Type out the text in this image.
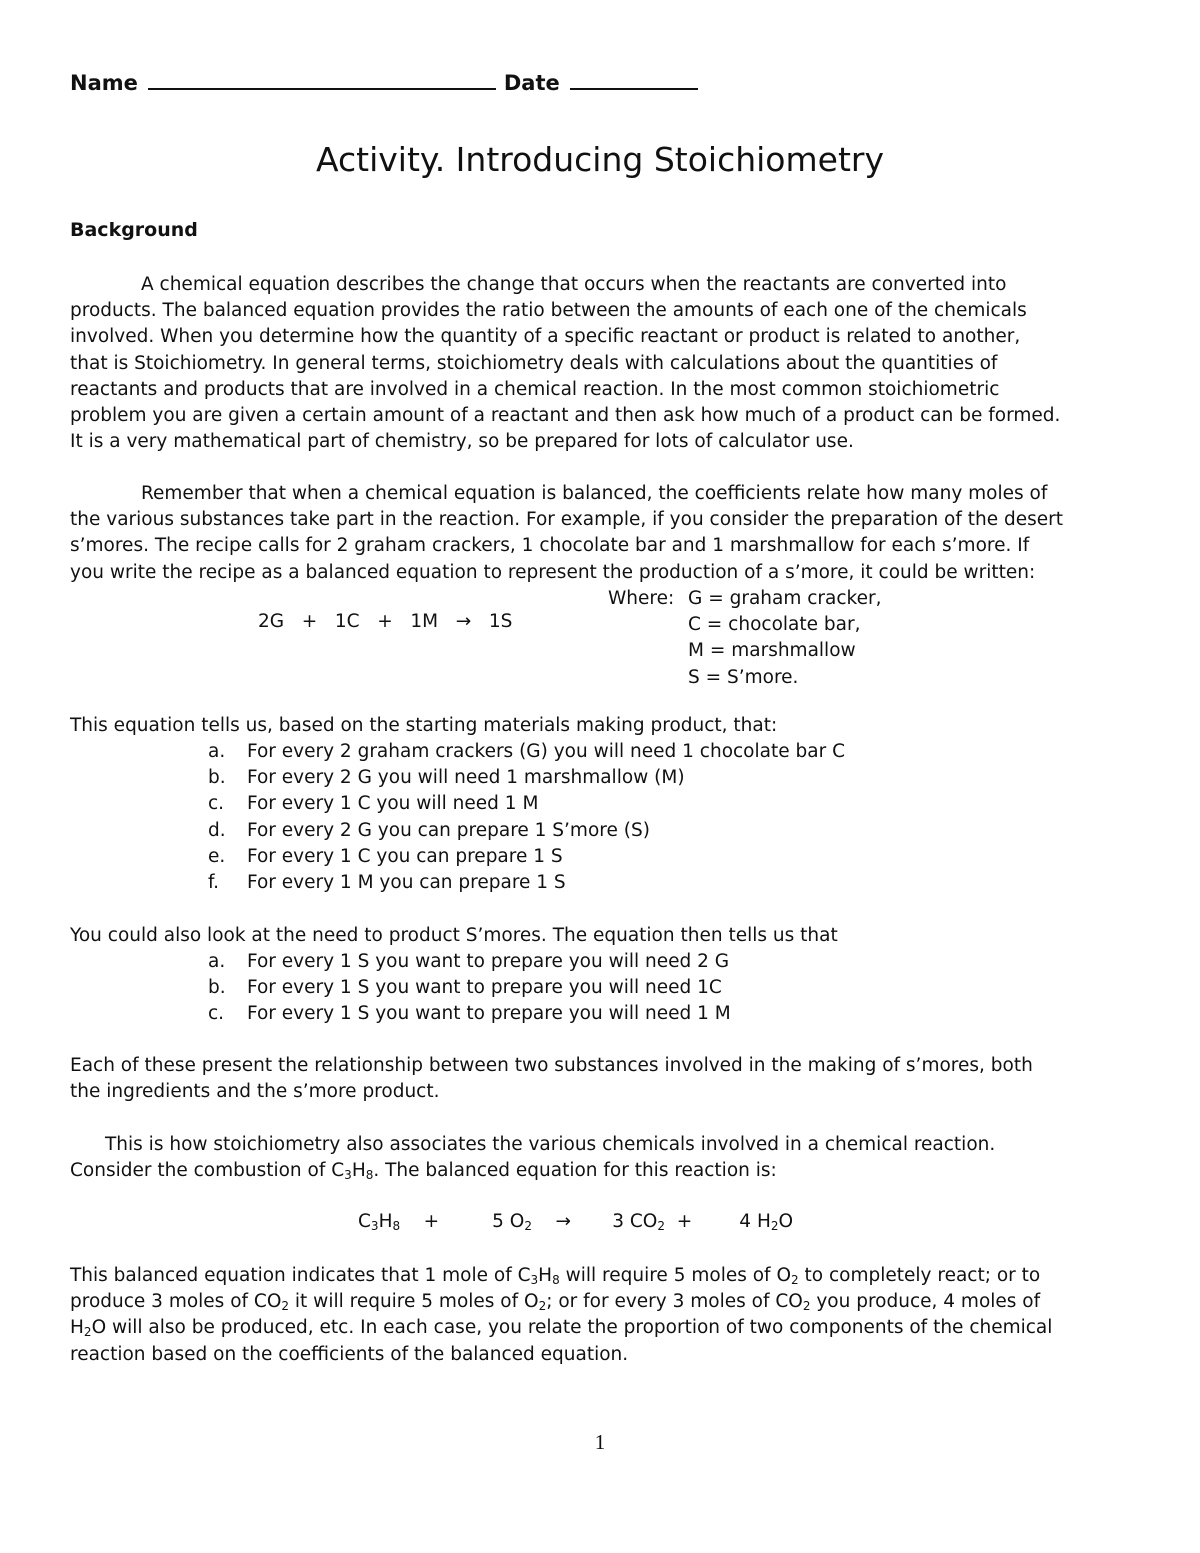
Name	Date
Activity. Introducing Stoichiometry
Background
A chemical equation describes the change that occurs when the reactants are converted into
products. The balanced equation provides the ratio between the amounts of each one of the chemicals
involved. When you determine how the quantity of a specific reactant or product is related to another,
that is Stoichiometry. In general terms, stoichiometry deals with calculations about the quantities of
reactants and products that are involved in a chemical reaction. In the most common stoichiometric
problem you are given a certain amount of a reactant and then ask how much of a product can be formed.
It is a very mathematical part of chemistry, so be prepared for lots of calculator use.
Remember that when a chemical equation is balanced, the coefficients relate how many moles of
the various substances take part in the reaction. For example, if you consider the preparation of the desert
s’mores. The recipe calls for 2 graham crackers, 1 chocolate bar and 1 marshmallow for each s’more. If
you write the recipe as a balanced equation to represent the production of a s’more, it could be written:
2G   +   1C   +   1M   →   1S
Where: G = graham cracker,
C = chocolate bar,
M = marshmallow
S = S’more.
This equation tells us, based on the starting materials making product, that:
a.	For every 2 graham crackers (G) you will need 1 chocolate bar C
b.	For every 2 G you will need 1 marshmallow (M)
c.	For every 1 C you will need 1 M
d.	For every 2 G you can prepare 1 S’more (S)
e.	For every 1 C you can prepare 1 S
f.	For every 1 M you can prepare 1 S
You could also look at the need to product S’mores. The equation then tells us that
a.	For every 1 S you want to prepare you will need 2 G
b.	For every 1 S you want to prepare you will need 1C
c.	For every 1 S you want to prepare you will need 1 M
Each of these present the relationship between two substances involved in the making of s’mores, both
the ingredients and the s’more product.
This is how stoichiometry also associates the various chemicals involved in a chemical reaction.
Consider the combustion of $C_3H_8$. The balanced equation for this reaction is:
$C_3H_8$ +	5 $O_2 \to 3$ $CO_2$ +	4 $H_2O$
This balanced equation indicates that 1 mole of $C_3H_8$ will require 5 moles of $O_2$ to completely react; or to
produce 3 moles of $CO_2$ it will require 5 moles of $O_2$; or for every 3 moles of $CO_2$ you produce, 4 moles of
$H_2O$ will also be produced, etc. In each case, you relate the proportion of two components of the chemical
reaction based on the coefficients of the balanced equation.
1
